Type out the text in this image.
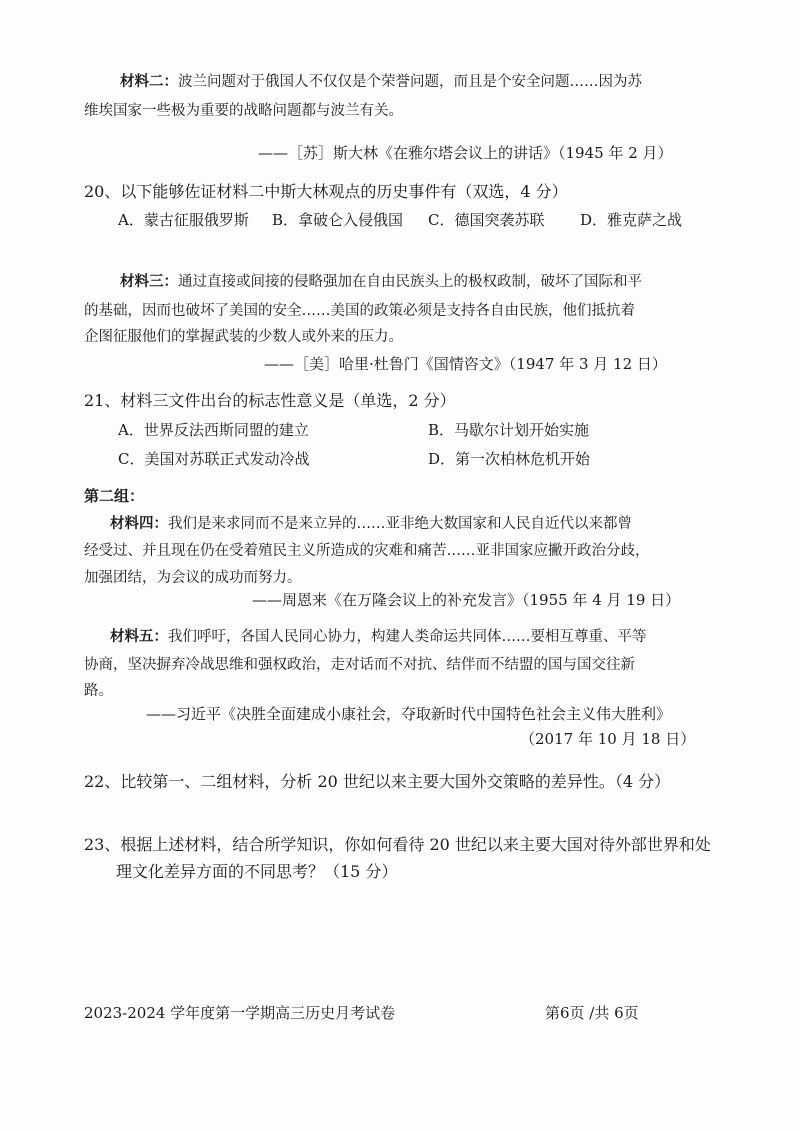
材料二：波兰问题对于俄国人不仅仅是个荣誉问题，而且是个安全问题……因为苏
维埃国家一些极为重要的战略问题都与波兰有关。
——［苏］斯大林《在雅尔塔会议上的讲话》（1945 年 2 月）
20、以下能够佐证材料二中斯大林观点的历史事件有（双选，4 分）
A．蒙古征服俄罗斯 B．拿破仑入侵俄国 C．德国突袭苏联 D．雅克萨之战
材料三：通过直接或间接的侵略强加在自由民族头上的极权政制，破坏了国际和平
的基础，因而也破坏了美国的安全……美国的政策必须是支持各自由民族，他们抵抗着
企图征服他们的掌握武装的少数人或外来的压力。
——［美］哈里·杜鲁门《国情咨文》（1947 年 3 月 12 日）
21、材料三文件出台的标志性意义是（单选，2 分）
A．世界反法西斯同盟的建立	B．马歇尔计划开始实施
C．美国对苏联正式发动冷战	D．第一次柏林危机开始
第二组：
材料四：我们是来求同而不是来立异的……亚非绝大数国家和人民自近代以来都曾
经受过、并且现在仍在受着殖民主义所造成的灾难和痛苦……亚非国家应撇开政治分歧，
加强团结，为会议的成功而努力。
——周恩来《在万隆会议上的补充发言》（1955 年 4 月 19 日）
材料五：我们呼吁，各国人民同心协力，构建人类命运共同体……要相互尊重、平等
协商，坚决摒弃冷战思维和强权政治，走对话而不对抗、结伴而不结盟的国与国交往新
路。
——习近平《决胜全面建成小康社会，夺取新时代中国特色社会主义伟大胜利》
（2017 年 10 月 18 日）
22、比较第一、二组材料，分析 20 世纪以来主要大国外交策略的差异性。（4 分）
23、根据上述材料，结合所学知识，你如何看待 20 世纪以来主要大国对待外部世界和处
理文化差异方面的不同思考？（15 分）
2023-2024 学年度第一学期高三历史月考试卷	第6页 /共 6页
